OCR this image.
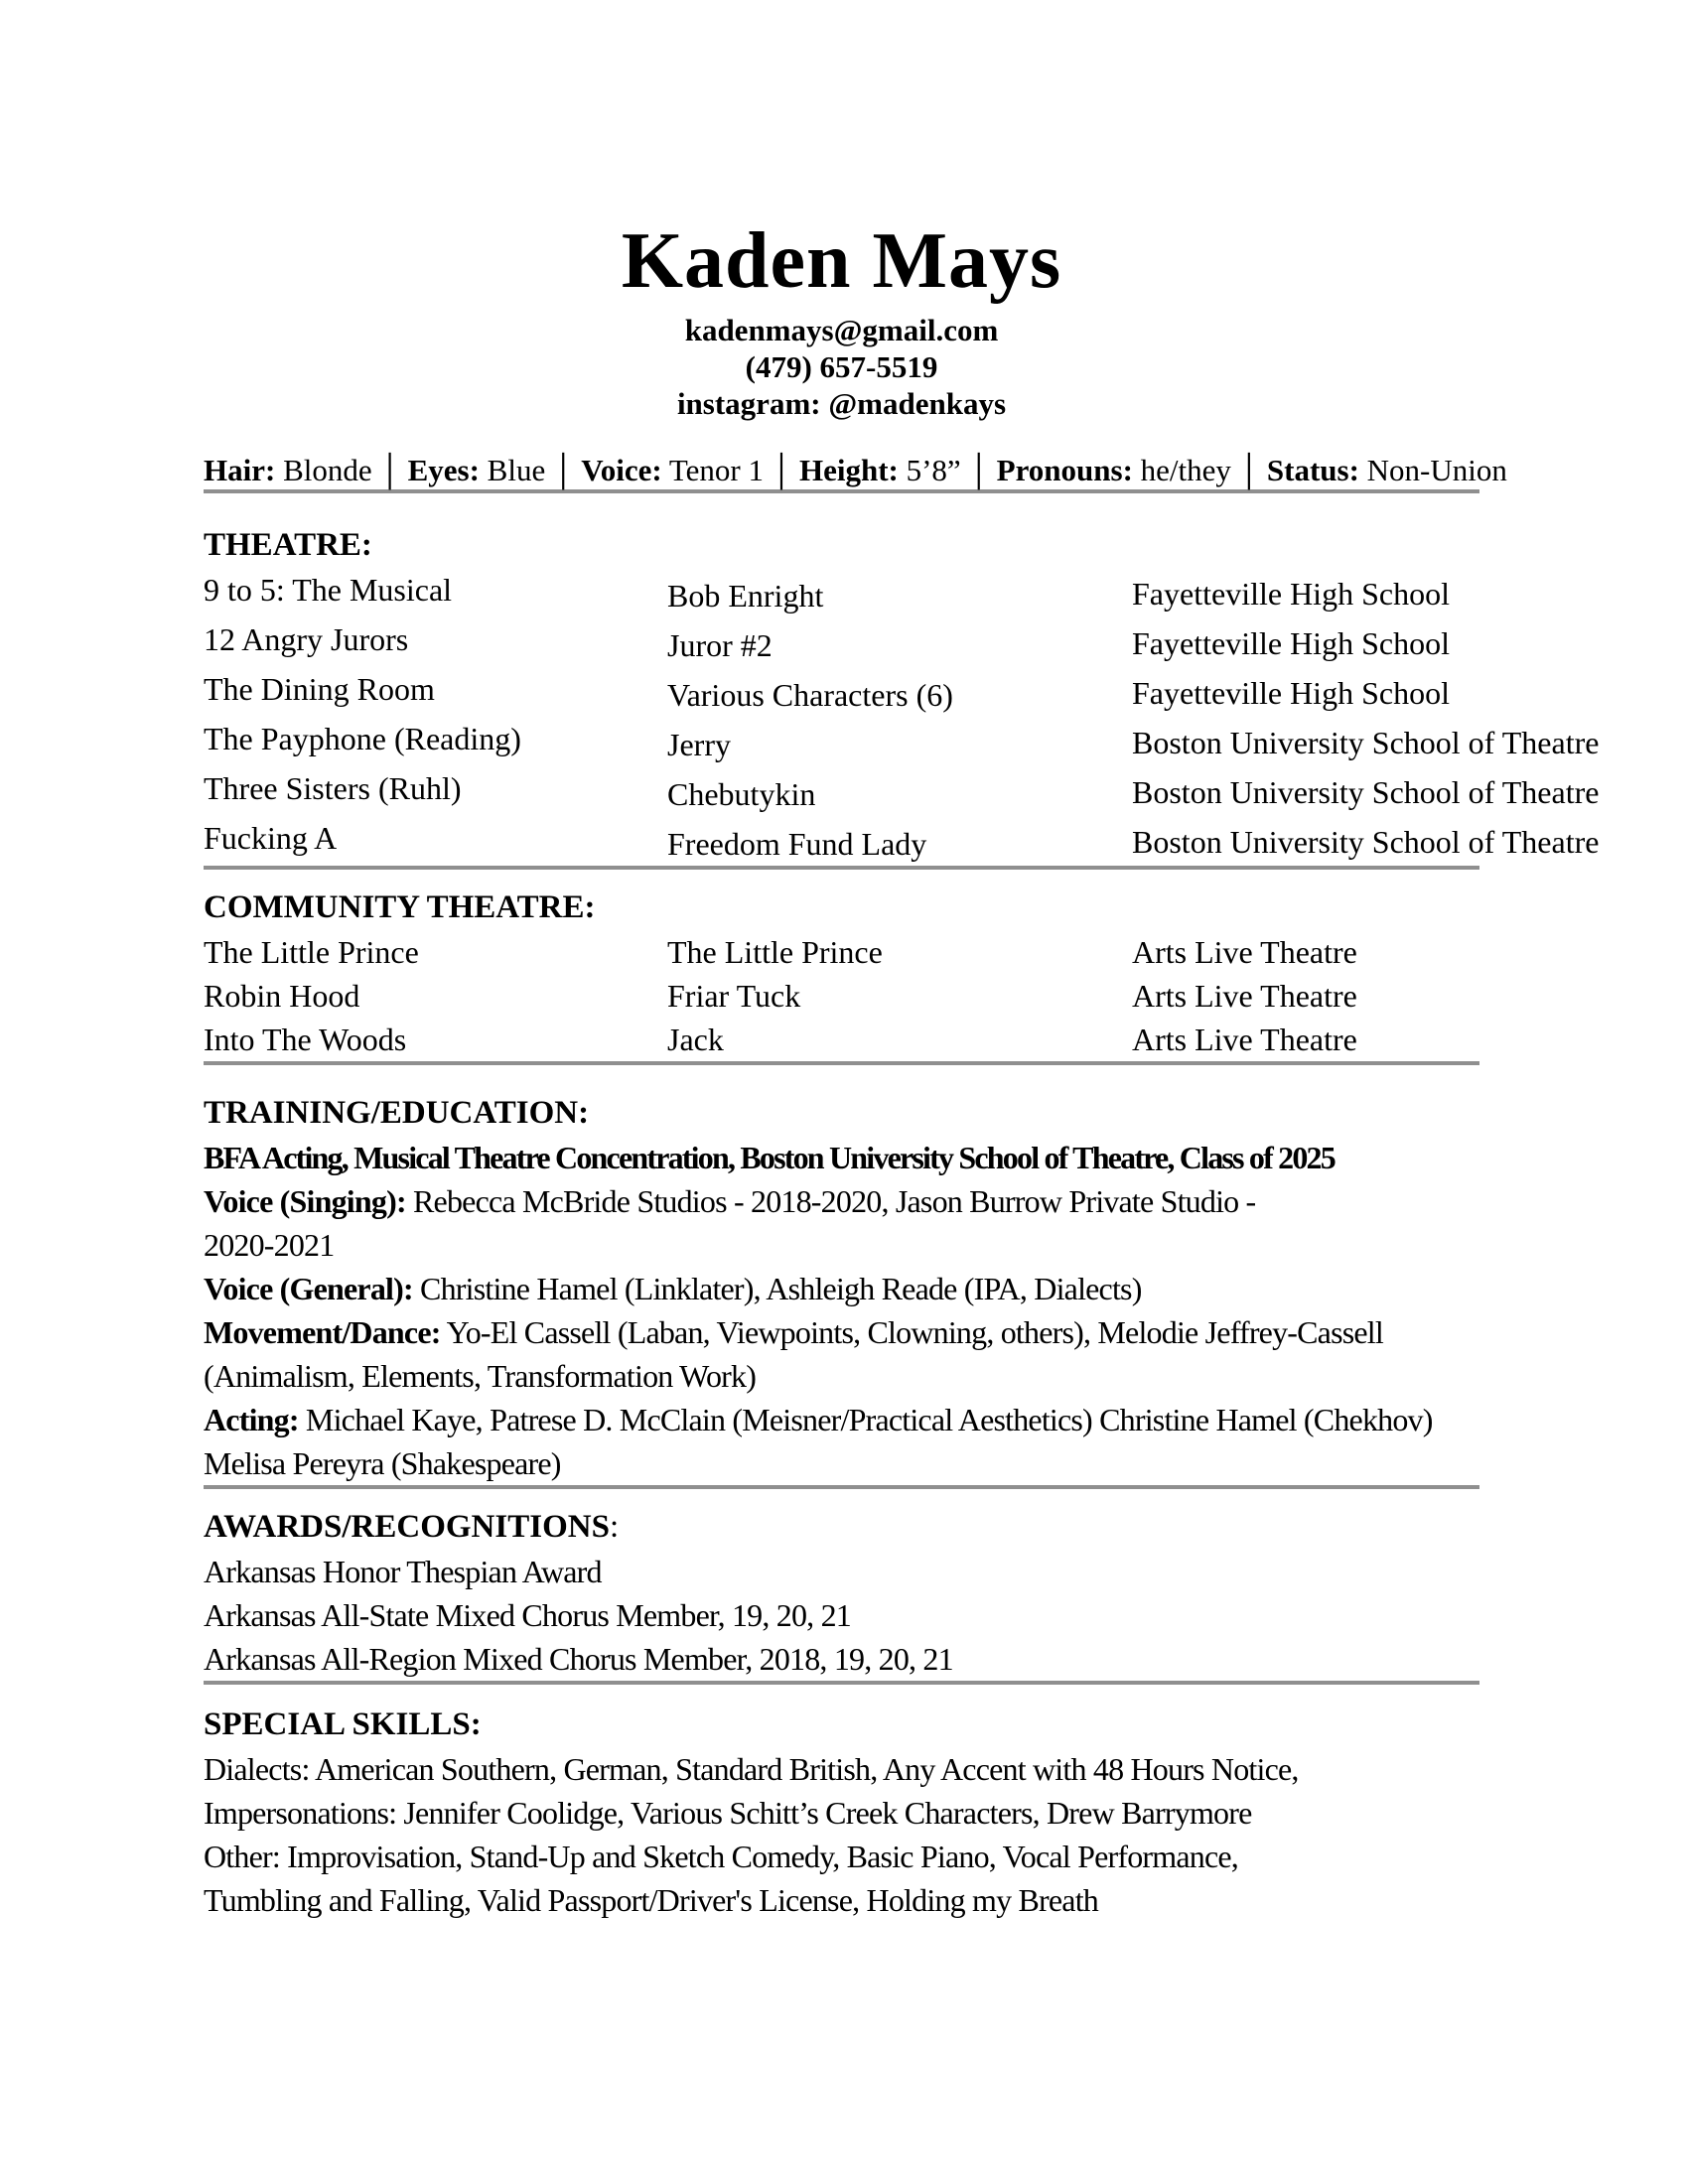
Kaden Mays
kadenmays@gmail.com
(479) 657-5519
instagram: @madenkays
Hair: Blonde │ Eyes: Blue │ Voice: Tenor 1 │ Height: 5’8” │ Pronouns: he/they │ Status: Non-Union
THEATRE:
9 to 5: The Musical	Bob Enright	Fayetteville High School
12 Angry Jurors	Juror #2	Fayetteville High School
The Dining Room	Various Characters (6)	Fayetteville High School
The Payphone (Reading)	Jerry	Boston University School of Theatre
Three Sisters (Ruhl)	Chebutykin	Boston University School of Theatre
Fucking A	Freedom Fund Lady	Boston University School of Theatre
COMMUNITY THEATRE:
The Little Prince	The Little Prince	Arts Live Theatre
Robin Hood	Friar Tuck	Arts Live Theatre
Into The Woods	Jack	Arts Live Theatre
TRAINING/EDUCATION:
BFA Acting, Musical Theatre Concentration, Boston University School of Theatre, Class of 2025
Voice (Singing): Rebecca McBride Studios - 2018-2020, Jason Burrow Private Studio -
2020-2021
Voice (General): Christine Hamel (Linklater), Ashleigh Reade (IPA, Dialects)
Movement/Dance: Yo-El Cassell (Laban, Viewpoints, Clowning, others), Melodie Jeffrey-Cassell
(Animalism, Elements, Transformation Work)
Acting: Michael Kaye, Patrese D. McClain (Meisner/Practical Aesthetics) Christine Hamel (Chekhov)
Melisa Pereyra (Shakespeare)
AWARDS/RECOGNITIONS:
Arkansas Honor Thespian Award
Arkansas All-State Mixed Chorus Member, 19, 20, 21
Arkansas All-Region Mixed Chorus Member, 2018, 19, 20, 21
SPECIAL SKILLS:
Dialects: American Southern, German, Standard British, Any Accent with 48 Hours Notice,
Impersonations: Jennifer Coolidge, Various Schitt’s Creek Characters, Drew Barrymore
Other: Improvisation, Stand-Up and Sketch Comedy, Basic Piano, Vocal Performance,
Tumbling and Falling, Valid Passport/Driver's License, Holding my Breath
